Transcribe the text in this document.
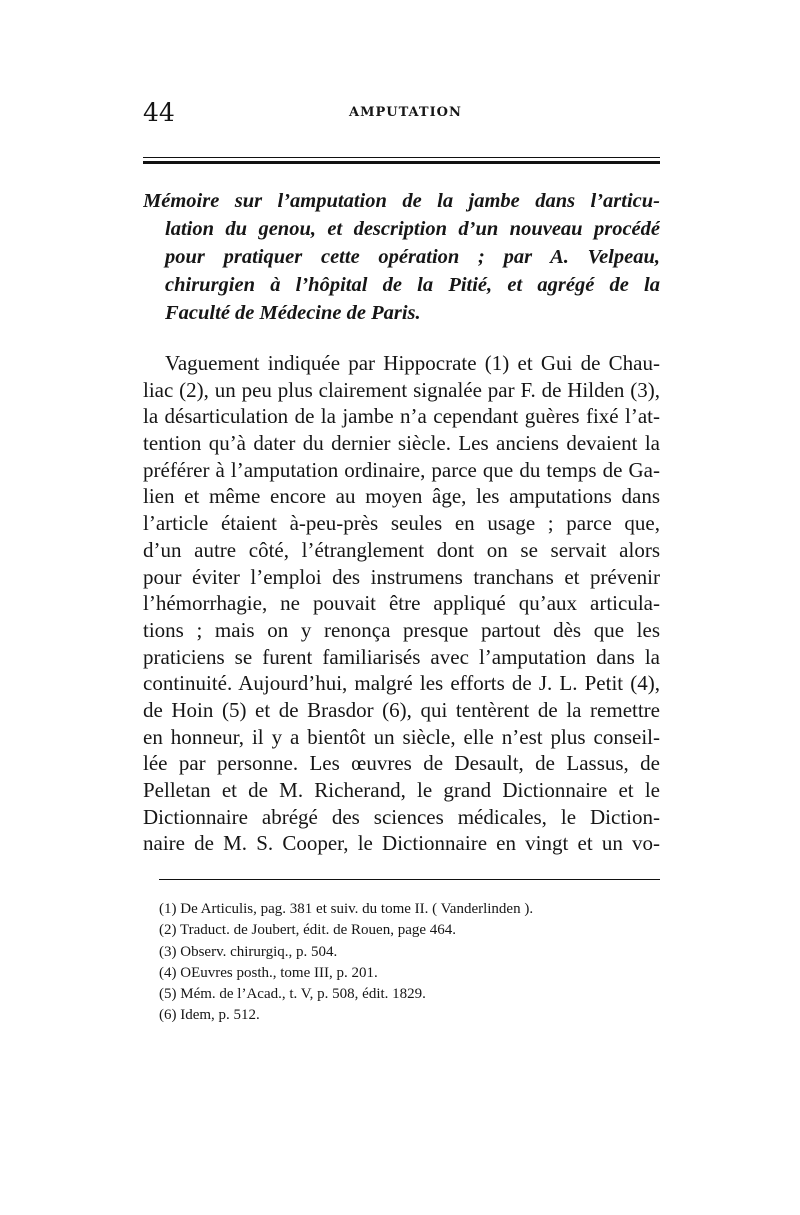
44	AMPUTATION
Mémoire sur l’amputation de la jambe dans l’articu-
lation du genou, et description d’un nouveau procédé
pour pratiquer cette opération ; par A. Velpeau,
chirurgien à l’hôpital de la Pitié, et agrégé de la
Faculté de Médecine de Paris.
Vaguement indiquée par Hippocrate (1) et Gui de Chau-
liac (2), un peu plus clairement signalée par F. de Hilden (3),
la désarticulation de la jambe n’a cependant guères fixé l’at-
tention qu’à dater du dernier siècle. Les anciens devaient la
préférer à l’amputation ordinaire, parce que du temps de Ga-
lien et même encore au moyen âge, les amputations dans
l’article étaient à-peu-près seules en usage ; parce que,
d’un autre côté, l’étranglement dont on se servait alors
pour éviter l’emploi des instrumens tranchans et prévenir
l’hémorrhagie, ne pouvait être appliqué qu’aux articula-
tions ; mais on y renonça presque partout dès que les
praticiens se furent familiarisés avec l’amputation dans la
continuité. Aujourd’hui, malgré les efforts de J. L. Petit (4),
de Hoin (5) et de Brasdor (6), qui tentèrent de la remettre
en honneur, il y a bientôt un siècle, elle n’est plus conseil-
lée par personne. Les œuvres de Desault, de Lassus, de
Pelletan et de M. Richerand, le grand Dictionnaire et le
Dictionnaire abrégé des sciences médicales, le Diction-
naire de M. S. Cooper, le Dictionnaire en vingt et un vo-
(1) De Articulis, pag. 381 et suiv. du tome II. ( Vanderlinden ).
(2) Traduct. de Joubert, édit. de Rouen, page 464.
(3) Observ. chirurgiq., p. 504.
(4) OEuvres posth., tome III, p. 201.
(5) Mém. de l’Acad., t. V, p. 508, édit. 1829.
(6) Idem, p. 512.
